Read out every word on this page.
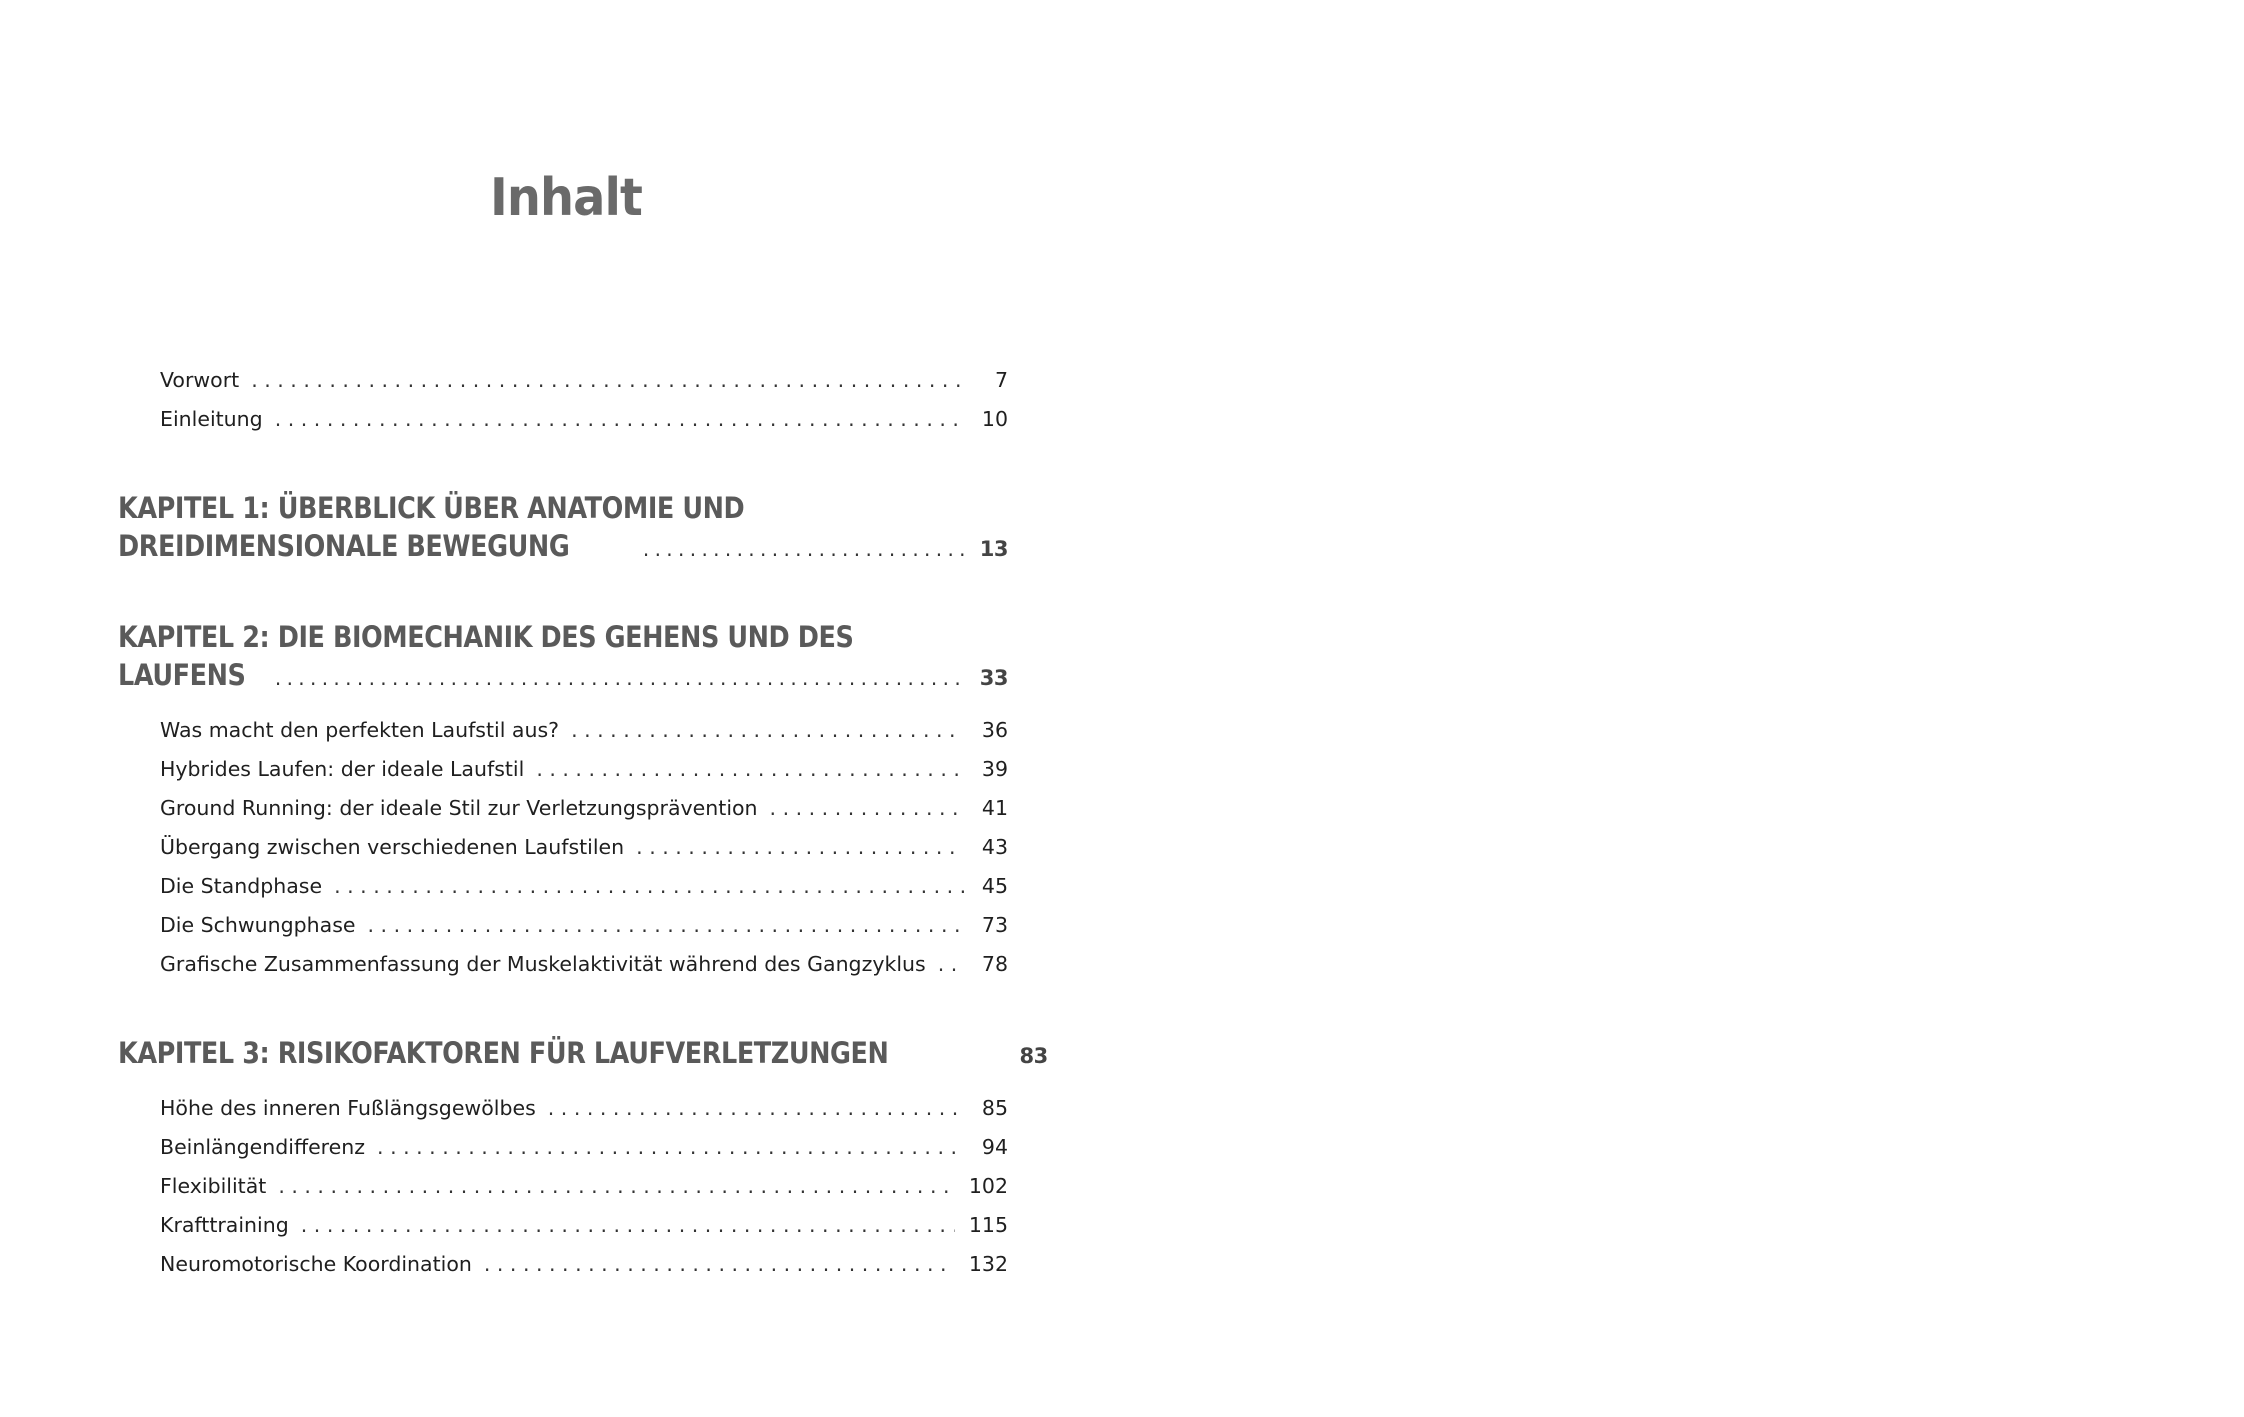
Inhalt
Vorwort . . .	7
Einleitung . . .	10
KAPITEL 1: ÜBERBLICK ÜBER ANATOMIE UND
DREIDIMENSIONALE BEWEGUNG . . .	13
KAPITEL 2: DIE BIOMECHANIK DES GEHENS UND DES
LAUFENS . . .	33
Was macht den perfekten Laufstil aus? . . .	36
Hybrides Laufen: der ideale Laufstil . . .	39
Ground Running: der ideale Stil zur Verletzungsprävention . . .	41
Übergang zwischen verschiedenen Laufstilen . . .	43
Die Standphase . . .	45
Die Schwungphase . . .	73
Grafische Zusammenfassung der Muskelaktivität während des Gangzyklus . . .	78
KAPITEL 3: RISIKOFAKTOREN FÜR LAUFVERLETZUNGEN	83
Höhe des inneren Fußlängsgewölbes . . .	85
Beinlängendifferenz . . .	94
Flexibilität . . .	102
Krafttraining . . .	115
Neuromotorische Koordination . . .	132
